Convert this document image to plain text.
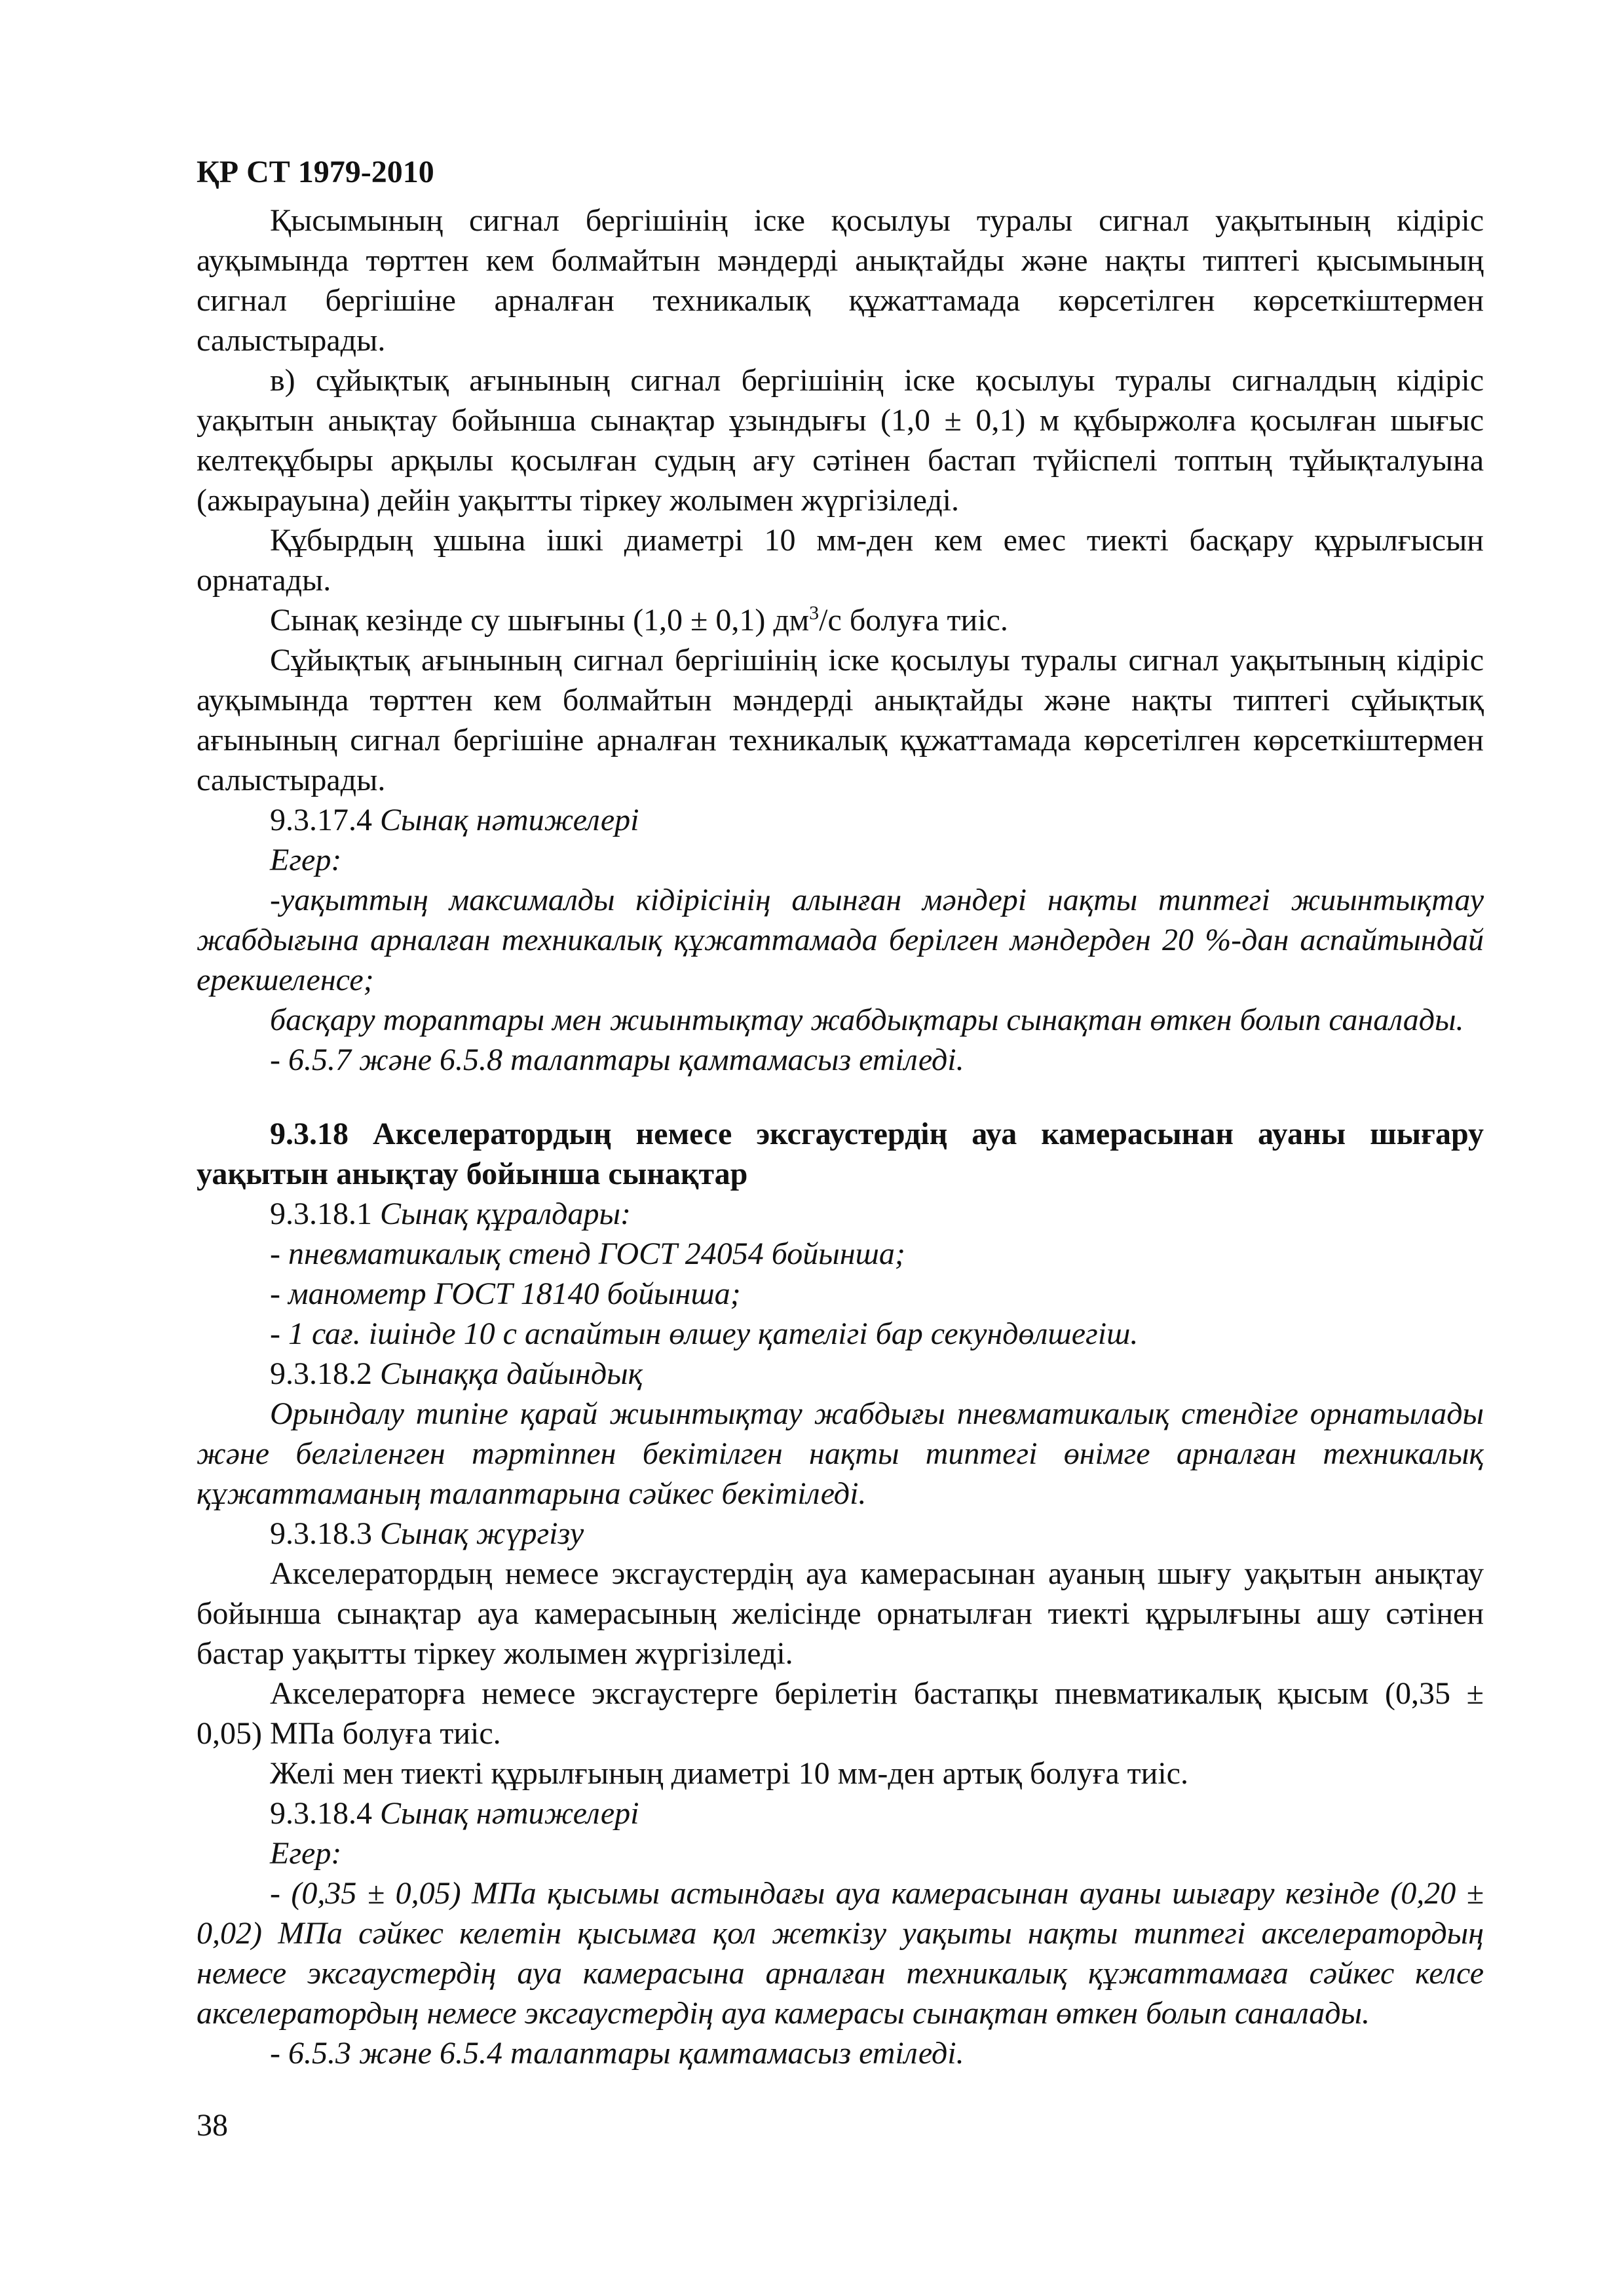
ҚР СТ 1979-2010

Қысымының сигнал бергішінің іске қосылуы туралы сигнал уақытының кідіріс ауқымында төрттен кем болмайтын мәндерді анықтайды және нақты типтегі қысымының сигнал бергішіне арналған техникалық құжаттамада көрсетілген көрсеткіштермен салыстырады.

в) сұйықтық ағынының сигнал бергішінің іске қосылуы туралы сигналдың кідіріс уақытын анықтау бойынша сынақтар ұзындығы (1,0 ± 0,1) м құбыржолға қосылған шығыс келтеқұбыры арқылы қосылған судың ағу сәтінен бастап түйіспелі топтың тұйықталуына (ажырауына) дейін уақытты тіркеу жолымен жүргізіледі.

Құбырдың ұшына ішкі диаметрі 10 мм-ден кем емес тиекті басқару құрылғысын орнатады.

Сынақ кезінде су шығыны (1,0 ± 0,1) $дм^3/с$ болуға тиіс.

Сұйықтық ағынының сигнал бергішінің іске қосылуы туралы сигнал уақытының кідіріс ауқымында төрттен кем болмайтын мәндерді анықтайды және нақты типтегі сұйықтық ағынының сигнал бергішіне арналған техникалық құжаттамада көрсетілген көрсеткіштермен салыстырады.

9.3.17.4 Сынақ нәтижелері

Егер:

-уақыттың максималды кідірісінің алынған мәндері нақты типтегі жиынтықтау жабдығына арналған техникалық құжаттамада берілген мәндерден 20 %-дан аспайтындай ерекшеленсе;

басқару тораптары мен жиынтықтау жабдықтары сынақтан өткен болып саналады.

- 6.5.7 және 6.5.8 талаптары қамтамасыз етіледі.

9.3.18 Акселератордың немесе эксгаустердің ауа камерасынан ауаны шығару уақытын анықтау бойынша сынақтар

9.3.18.1 Сынақ құралдары:

- пневматикалық стенд ГОСТ 24054 бойынша;

- манометр ГОСТ 18140 бойынша;

- 1 сағ. ішінде 10 с аспайтын өлшеу қателігі бар секундөлшегіш.

9.3.18.2 Сынаққа дайындық

Орындалу типіне қарай жиынтықтау жабдығы пневматикалық стендіге орнатылады және белгіленген тәртіппен бекітілген нақты типтегі өнімге арналған техникалық құжаттаманың талаптарына сәйкес бекітіледі.

9.3.18.3 Сынақ жүргізу

Акселератордың немесе эксгаустердің ауа камерасынан ауаның шығу уақытын анықтау бойынша сынақтар ауа камерасының желісінде орнатылған тиекті құрылғыны ашу сәтінен бастар уақытты тіркеу жолымен жүргізіледі.

Акселераторға немесе эксгаустерге берілетін бастапқы пневматикалық қысым (0,35 ± 0,05) МПа болуға тиіс.

Желі мен тиекті құрылғының диаметрі 10 мм-ден артық болуға тиіс.

9.3.18.4 Сынақ нәтижелері

Егер:

- (0,35 ± 0,05) МПа қысымы астындағы ауа камерасынан ауаны шығару кезінде (0,20 ± 0,02) МПа сәйкес келетін қысымға қол жеткізу уақыты нақты типтегі акселератордың немесе эксгаустердің ауа камерасына арналған техникалық құжаттамаға сәйкес келсе акселератордың немесе эксгаустердің ауа камерасы сынақтан өткен болып саналады.

- 6.5.3 және 6.5.4 талаптары қамтамасыз етіледі.

38
